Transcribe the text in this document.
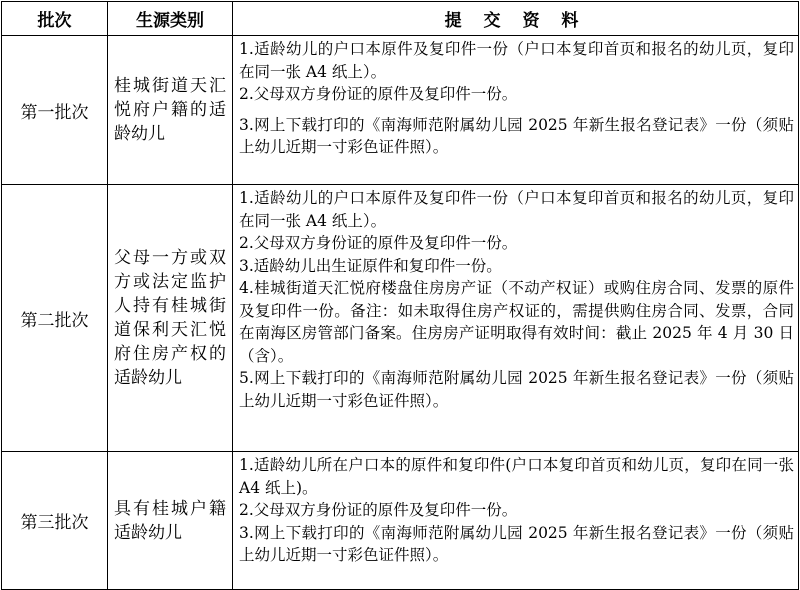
批次	生源类别	提 交 资 料
第一批次	桂城街道天汇悦府户籍的适龄幼儿	1.适龄幼儿的户口本原件及复印件一份（户口本复印首页和报名的幼儿页，复印在同一张 A4 纸上）。

2.父母双方身份证的原件及复印件一份。

3.网上下载打印的《南海师范附属幼儿园 2025 年新生报名登记表》一份（须贴上幼儿近期一寸彩色证件照）。

第二批次	父母一方或双方或法定监护人持有桂城街道保利天汇悦府住房产权的适龄幼儿	1.适龄幼儿的户口本原件及复印件一份（户口本复印首页和报名的幼儿页，复印在同一张 A4 纸上）。

2.父母双方身份证的原件及复印件一份。

3.适龄幼儿出生证原件和复印件一份。

4.桂城街道天汇悦府楼盘住房房产证（不动产权证）或购住房合同、发票的原件及复印件一份。备注：如未取得住房产权证的，需提供购住房合同、发票，合同在南海区房管部门备案。住房房产证明取得有效时间：截止 2025 年 4 月 30 日（含）。

5.网上下载打印的《南海师范附属幼儿园 2025 年新生报名登记表》一份（须贴上幼儿近期一寸彩色证件照）。

第三批次	具有桂城户籍适龄幼儿	1.适龄幼儿所在户口本的原件和复印件(户口本复印首页和幼儿页，复印在同一张 A4 纸上)。

2.父母双方身份证的原件及复印件一份。

3.网上下载打印的《南海师范附属幼儿园 2025 年新生报名登记表》一份（须贴上幼儿近期一寸彩色证件照）。
